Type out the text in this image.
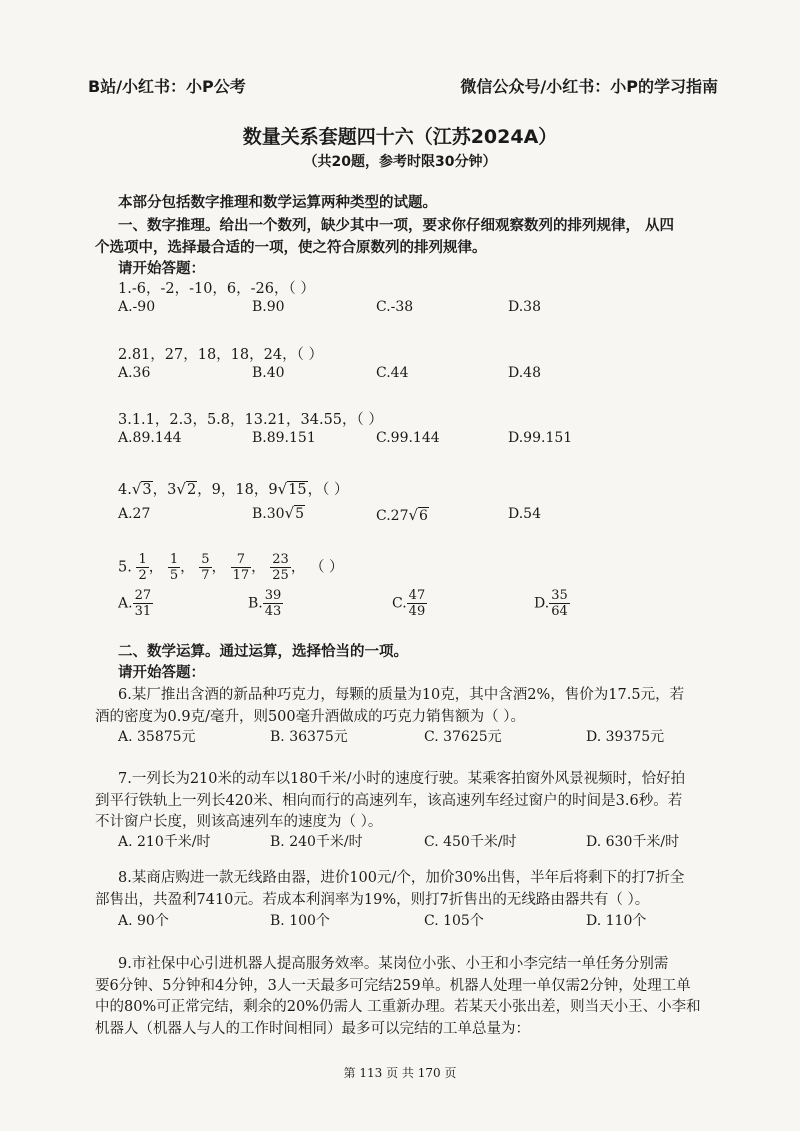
B站/小红书：小P公考	微信公众号/小红书：小P的学习指南
数量关系套题四十六（江苏2024A）
（共20题，参考时限30分钟）
本部分包括数字推理和数学运算两种类型的试题。
一、数字推理。给出一个数列，缺少其中一项，要求你仔细观察数列的排列规律， 从四
个选项中，选择最合适的一项，使之符合原数列的排列规律。
请开始答题：
1.-6，-2，-10，6，-26，（ ）
A.-90	B.90	C.-38	D.38
2.81，27，18，18，24，（ ）
A.36	B.40	C.44	D.48
3.1.1，2.3，5.8，13.21，34.55，（ ）
A.89.144	B.89.151	C.99.144	D.99.151
4.√3，3√2，9，18，9√15，（ ）
A.27	B.30√5	C.27√6	D.54
5. $\frac{1}{2}$ ， $\frac{1}{5}$ ， $\frac{5}{7}$ ， $\frac{7}{17}$ ， $\frac{23}{25}$ ， （ ）
A. $\frac{27}{31}$	B. $\frac{39}{43}$	C. $\frac{47}{49}$	D. $\frac{35}{64}$
二、数学运算。通过运算，选择恰当的一项。
请开始答题：
6.某厂推出含酒的新品种巧克力，每颗的质量为10克，其中含酒2%，售价为17.5元，若
酒的密度为0.9克/毫升，则500毫升酒做成的巧克力销售额为（ ）。
A. 35875元	B. 36375元	C. 37625元	D. 39375元
7.一列长为210米的动车以180千米/小时的速度行驶。某乘客拍窗外风景视频时，恰好拍
到平行铁轨上一列长420米、相向而行的高速列车，该高速列车经过窗户的时间是3.6秒。若
不计窗户长度，则该高速列车的速度为（ ）。
A. 210千米/时	B. 240千米/时	C. 450千米/时	D. 630千米/时
8.某商店购进一款无线路由器，进价100元/个，加价30%出售，半年后将剩下的打7折全
部售出，共盈利7410元。若成本利润率为19%，则打7折售出的无线路由器共有（ ）。
A. 90个	B. 100个	C. 105个	D. 110个
9.市社保中心引进机器人提高服务效率。某岗位小张、小王和小李完结一单任务分别需
要6分钟、5分钟和4分钟，3人一天最多可完结259单。机器人处理一单仅需2分钟，处理工单
中的80%可正常完结，剩余的20%仍需人 工重新办理。若某天小张出差，则当天小王、小李和
机器人（机器人与人的工作时间相同）最多可以完结的工单总量为：
第 113 页 共 170 页
